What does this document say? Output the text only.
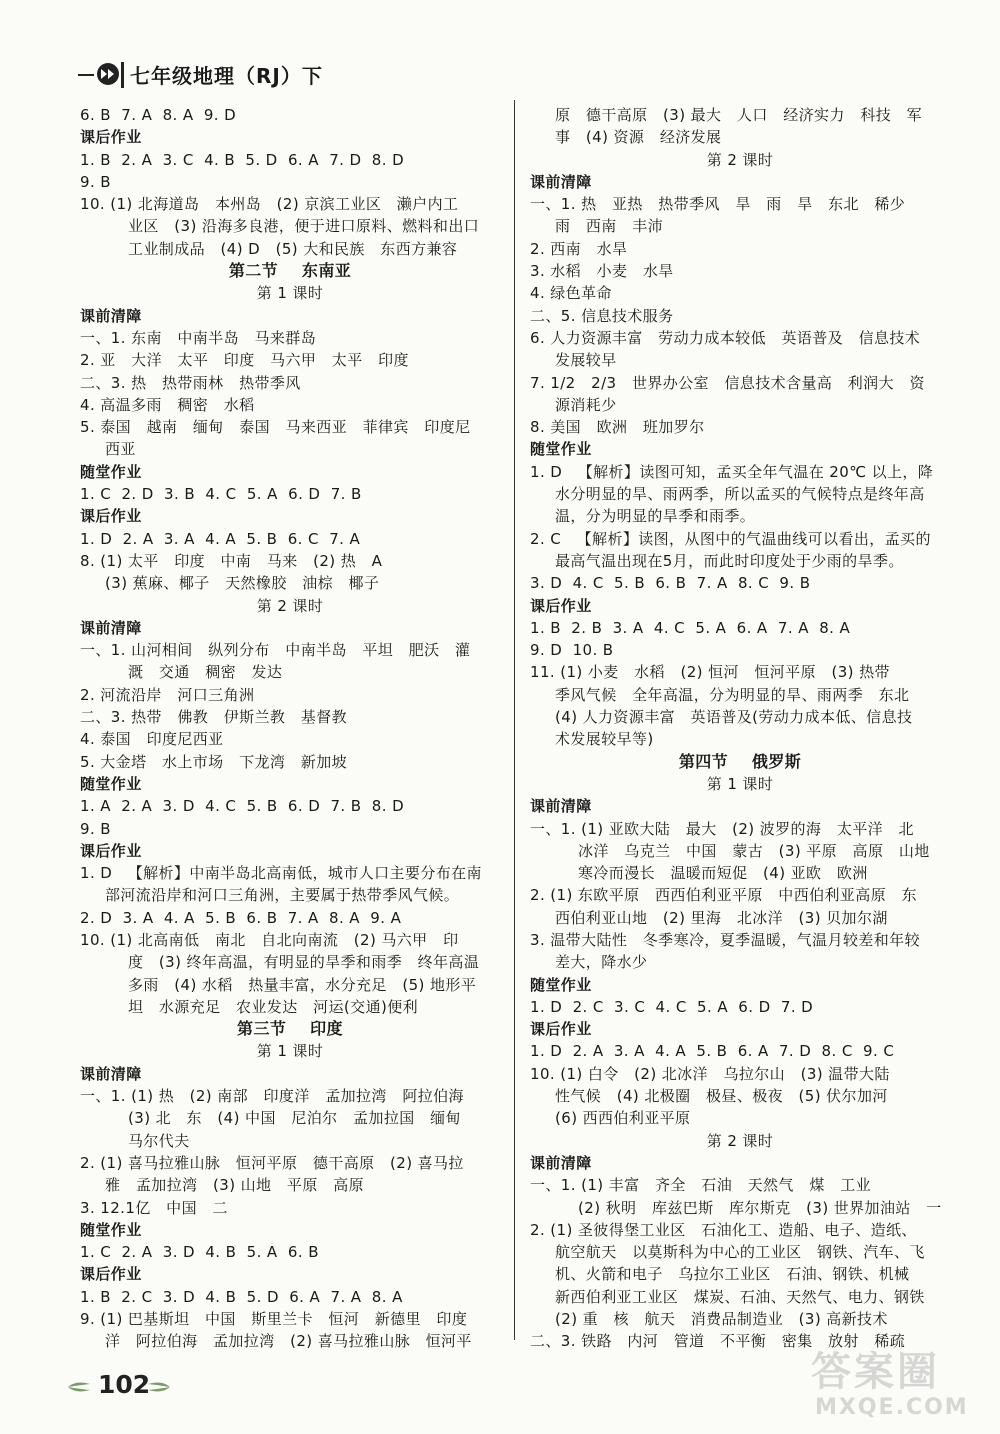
七年级地理（RJ）下
6. B  7. A  8. A  9. D
课后作业
1. B  2. A  3. C  4. B  5. D  6. A  7. D  8. D
9. B
10. (1) 北海道岛   本州岛   (2) 京滨工业区   濑户内工
业区   (3) 沿海多良港，便于进口原料、燃料和出口
工业制成品   (4) D   (5) 大和民族   东西方兼容
第二节    东南亚
第 1 课时
课前清障
一、1. 东南   中南半岛   马来群岛
2. 亚   大洋   太平   印度   马六甲   太平   印度
二、3. 热   热带雨林   热带季风
4. 高温多雨   稠密   水稻
5. 泰国   越南   缅甸   泰国   马来西亚   菲律宾   印度尼
西亚
随堂作业
1. C  2. D  3. B  4. C  5. A  6. D  7. B
课后作业
1. D  2. A  3. A  4. A  5. B  6. C  7. A
8. (1) 太平   印度   中南   马来   (2) 热   A
(3) 蕉麻、椰子   天然橡胶   油棕   椰子
第 2 课时
课前清障
一、1. 山河相间   纵列分布   中南半岛   平坦   肥沃   灌
溉   交通   稠密   发达
2. 河流沿岸   河口三角洲
二、3. 热带   佛教   伊斯兰教   基督教
4. 泰国   印度尼西亚
5. 大金塔   水上市场   下龙湾   新加坡
随堂作业
1. A  2. A  3. D  4. C  5. B  6. D  7. B  8. D
9. B
课后作业
1. D   【解析】中南半岛北高南低，城市人口主要分布在南
部河流沿岸和河口三角洲，主要属于热带季风气候。
2. D  3. A  4. A  5. B  6. B  7. A  8. A  9. A
10. (1) 北高南低   南北   自北向南流   (2) 马六甲   印
度   (3) 终年高温，有明显的旱季和雨季   终年高温
多雨   (4) 水稻   热量丰富，水分充足   (5) 地形平
坦   水源充足   农业发达   河运(交通)便利
第三节    印度
第 1 课时
课前清障
一、1. (1) 热   (2) 南部   印度洋   孟加拉湾   阿拉伯海
(3) 北   东   (4) 中国   尼泊尔   孟加拉国   缅甸
马尔代夫
2. (1) 喜马拉雅山脉   恒河平原   德干高原   (2) 喜马拉
雅   孟加拉湾   (3) 山地   平原   高原
3. 12.1亿   中国   二
随堂作业
1. C  2. A  3. D  4. B  5. A  6. B
课后作业
1. B  2. C  3. D  4. B  5. D  6. A  7. A  8. A
9. (1) 巴基斯坦   中国   斯里兰卡   恒河   新德里   印度
洋   阿拉伯海   孟加拉湾   (2) 喜马拉雅山脉   恒河平
原   德干高原   (3) 最大   人口   经济实力   科技   军
事   (4) 资源   经济发展
第 2 课时
课前清障
一、1. 热   亚热   热带季风   旱   雨   旱   东北   稀少
雨   西南   丰沛
2. 西南   水旱
3. 水稻   小麦   水旱
4. 绿色革命
二、5. 信息技术服务
6. 人力资源丰富   劳动力成本较低   英语普及   信息技术
发展较早
7. 1/2   2/3   世界办公室   信息技术含量高   利润大   资
源消耗少
8. 美国   欧洲   班加罗尔
随堂作业
1. D   【解析】读图可知，孟买全年气温在 20℃ 以上，降
水分明显的旱、雨两季，所以孟买的气候特点是终年高
温，分为明显的旱季和雨季。
2. C   【解析】读图，从图中的气温曲线可以看出，孟买的
最高气温出现在5月，而此时印度处于少雨的旱季。
3. D  4. C  5. B  6. B  7. A  8. C  9. B
课后作业
1. B  2. B  3. A  4. C  5. A  6. A  7. A  8. A
9. D  10. B
11. (1) 小麦   水稻   (2) 恒河   恒河平原   (3) 热带
季风气候   全年高温，分为明显的旱、雨两季   东北
(4) 人力资源丰富   英语普及(劳动力成本低、信息技
术发展较早等)
第四节    俄罗斯
第 1 课时
课前清障
一、1. (1) 亚欧大陆   最大   (2) 波罗的海   太平洋   北
冰洋   乌克兰   中国   蒙古   (3) 平原   高原   山地
寒冷而漫长   温暖而短促   (4) 亚欧   欧洲
2. (1) 东欧平原   西西伯利亚平原   中西伯利亚高原   东
西伯利亚山地   (2) 里海   北冰洋   (3) 贝加尔湖
3. 温带大陆性   冬季寒冷，夏季温暖，气温月较差和年较
差大，降水少
随堂作业
1. D  2. C  3. C  4. C  5. A  6. D  7. D
课后作业
1. D  2. A  3. A  4. A  5. B  6. A  7. D  8. C  9. C
10. (1) 白令   (2) 北冰洋   乌拉尔山   (3) 温带大陆
性气候   (4) 北极圈   极昼、极夜   (5) 伏尔加河
(6) 西西伯利亚平原
第 2 课时
课前清障
一、1. (1) 丰富   齐全   石油   天然气   煤   工业
(2) 秋明   库兹巴斯   库尔斯克   (3) 世界加油站   一
2. (1) 圣彼得堡工业区   石油化工、造船、电子、造纸、
航空航天   以莫斯科为中心的工业区   钢铁、汽车、飞
机、火箭和电子   乌拉尔工业区   石油、钢铁、机械
新西伯利亚工业区   煤炭、石油、天然气、电力、钢铁
(2) 重   核   航天   消费品制造业   (3) 高新技术
二、3. 铁路   内河   管道   不平衡   密集   放射   稀疏
102	答案圈
MXQE.COM
